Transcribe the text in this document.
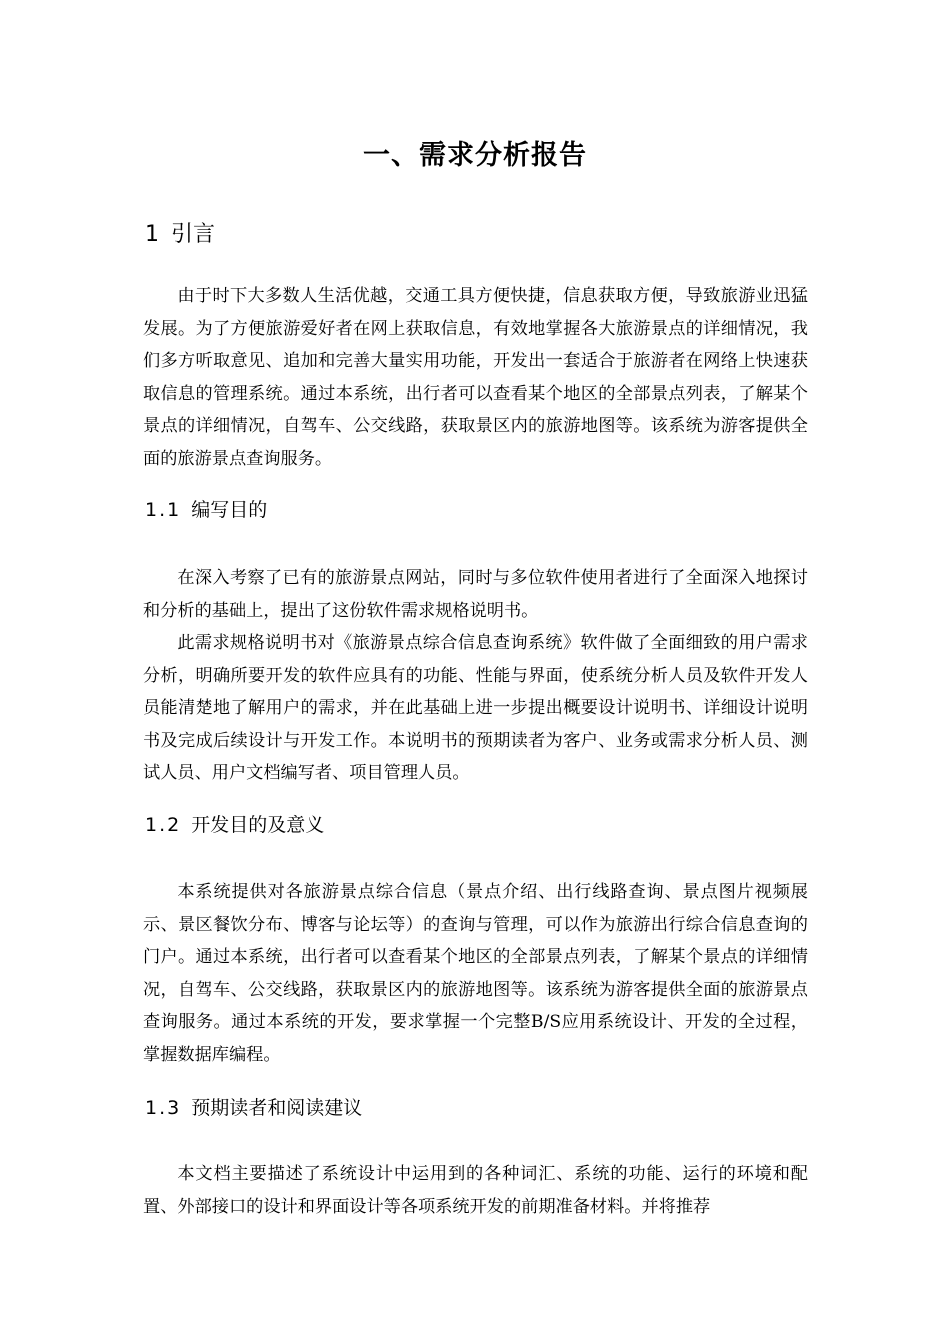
一、需求分析报告
1 引言

由于时下大多数人生活优越，交通工具方便快捷，信息获取方便，导致旅游业迅猛发展。为了方便旅游爱好者在网上获取信息，有效地掌握各大旅游景点的详细情况，我们多方听取意见、追加和完善大量实用功能，开发出一套适合于旅游者在网络上快速获取信息的管理系统。通过本系统，出行者可以查看某个地区的全部景点列表，了解某个景点的详细情况，自驾车、公交线路，获取景区内的旅游地图等。该系统为游客提供全面的旅游景点查询服务。

1.1 编写目的

在深入考察了已有的旅游景点网站，同时与多位软件使用者进行了全面深入地探讨和分析的基础上，提出了这份软件需求规格说明书。

此需求规格说明书对《旅游景点综合信息查询系统》软件做了全面细致的用户需求分析，明确所要开发的软件应具有的功能、性能与界面，使系统分析人员及软件开发人员能清楚地了解用户的需求，并在此基础上进一步提出概要设计说明书、详细设计说明书及完成后续设计与开发工作。本说明书的预期读者为客户、业务或需求分析人员、测试人员、用户文档编写者、项目管理人员。

1.2 开发目的及意义

本系统提供对各旅游景点综合信息（景点介绍、出行线路查询、景点图片视频展示、景区餐饮分布、博客与论坛等）的查询与管理，可以作为旅游出行综合信息查询的门户。通过本系统，出行者可以查看某个地区的全部景点列表，了解某个景点的详细情况，自驾车、公交线路，获取景区内的旅游地图等。该系统为游客提供全面的旅游景点查询服务。通过本系统的开发，要求掌握一个完整B/S应用系统设计、开发的全过程，掌握数据库编程。

1.3 预期读者和阅读建议

本文档主要描述了系统设计中运用到的各种词汇、系统的功能、运行的环境和配置、外部接口的设计和界面设计等各项系统开发的前期准备材料。并将推荐
